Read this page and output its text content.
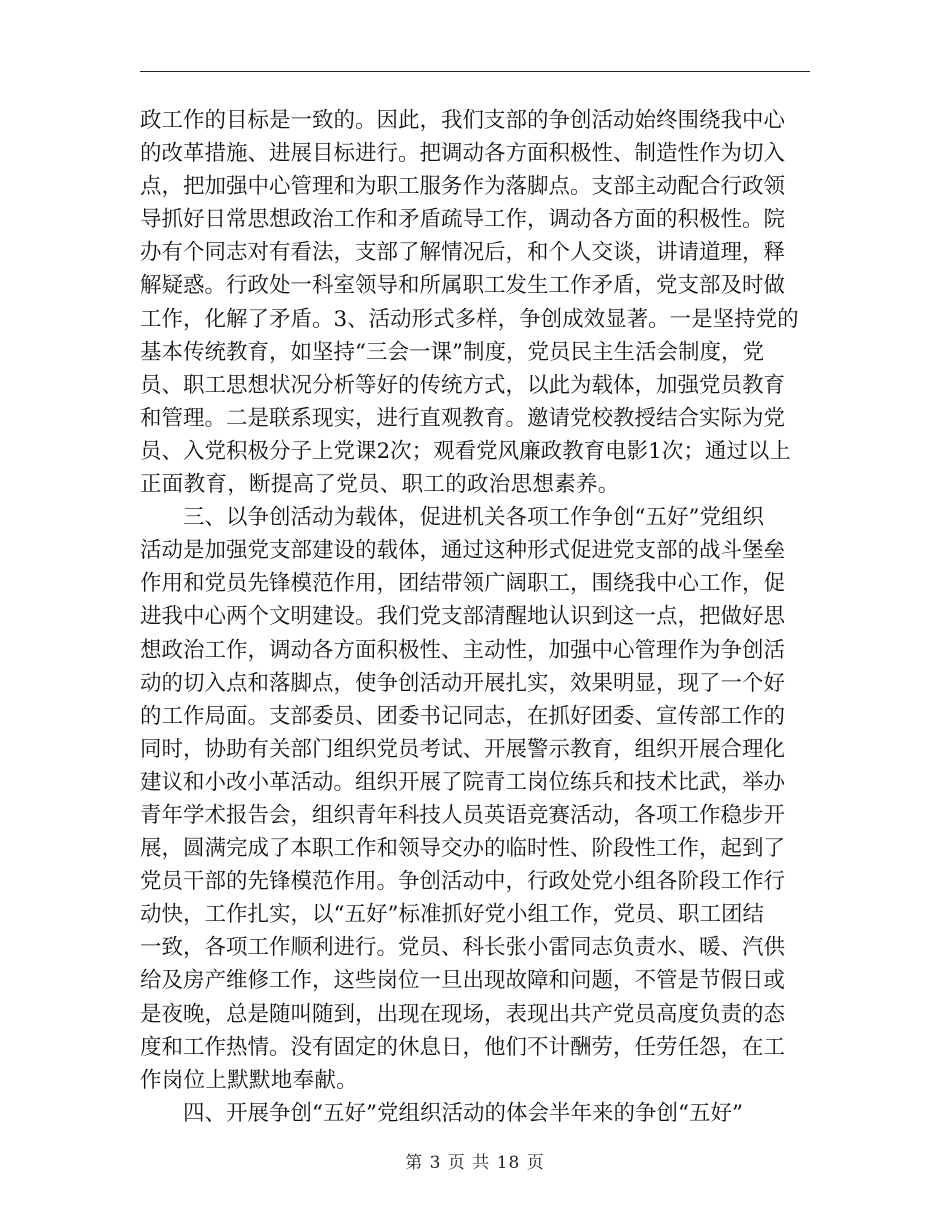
政工作的目标是一致的。因此，我们支部的争创活动始终围绕我中心
的改革措施、进展目标进行。把调动各方面积极性、制造性作为切入
点，把加强中心管理和为职工服务作为落脚点。支部主动配合行政领
导抓好日常思想政治工作和矛盾疏导工作，调动各方面的积极性。院
办有个同志对有看法，支部了解情况后，和个人交谈，讲请道理，释
解疑惑。行政处一科室领导和所属职工发生工作矛盾，党支部及时做
工作，化解了矛盾。3、活动形式多样，争创成效显著。一是坚持党的
基本传统教育，如坚持“三会一课”制度，党员民主生活会制度，党
员、职工思想状况分析等好的传统方式，以此为载体，加强党员教育
和管理。二是联系现实，进行直观教育。邀请党校教授结合实际为党
员、入党积极分子上党课2次；观看党风廉政教育电影1次；通过以上
正面教育，断提高了党员、职工的政治思想素养。
　　三、以争创活动为载体，促进机关各项工作争创“五好”党组织
活动是加强党支部建设的载体，通过这种形式促进党支部的战斗堡垒
作用和党员先锋模范作用，团结带领广阔职工，围绕我中心工作，促
进我中心两个文明建设。我们党支部清醒地认识到这一点，把做好思
想政治工作，调动各方面积极性、主动性，加强中心管理作为争创活
动的切入点和落脚点，使争创活动开展扎实，效果明显，现了一个好
的工作局面。支部委员、团委书记同志，在抓好团委、宣传部工作的
同时，协助有关部门组织党员考试、开展警示教育，组织开展合理化
建议和小改小革活动。组织开展了院青工岗位练兵和技术比武，举办
青年学术报告会，组织青年科技人员英语竞赛活动，各项工作稳步开
展，圆满完成了本职工作和领导交办的临时性、阶段性工作，起到了
党员干部的先锋模范作用。争创活动中，行政处党小组各阶段工作行
动快，工作扎实，以“五好”标准抓好党小组工作，党员、职工团结
一致，各项工作顺利进行。党员、科长张小雷同志负责水、暖、汽供
给及房产维修工作，这些岗位一旦出现故障和问题，不管是节假日或
是夜晚，总是随叫随到，出现在现场，表现出共产党员高度负责的态
度和工作热情。没有固定的休息日，他们不计酬劳，任劳任怨，在工
作岗位上默默地奉献。
　　四、开展争创“五好”党组织活动的体会半年来的争创“五好”
第 3 页 共 18 页
